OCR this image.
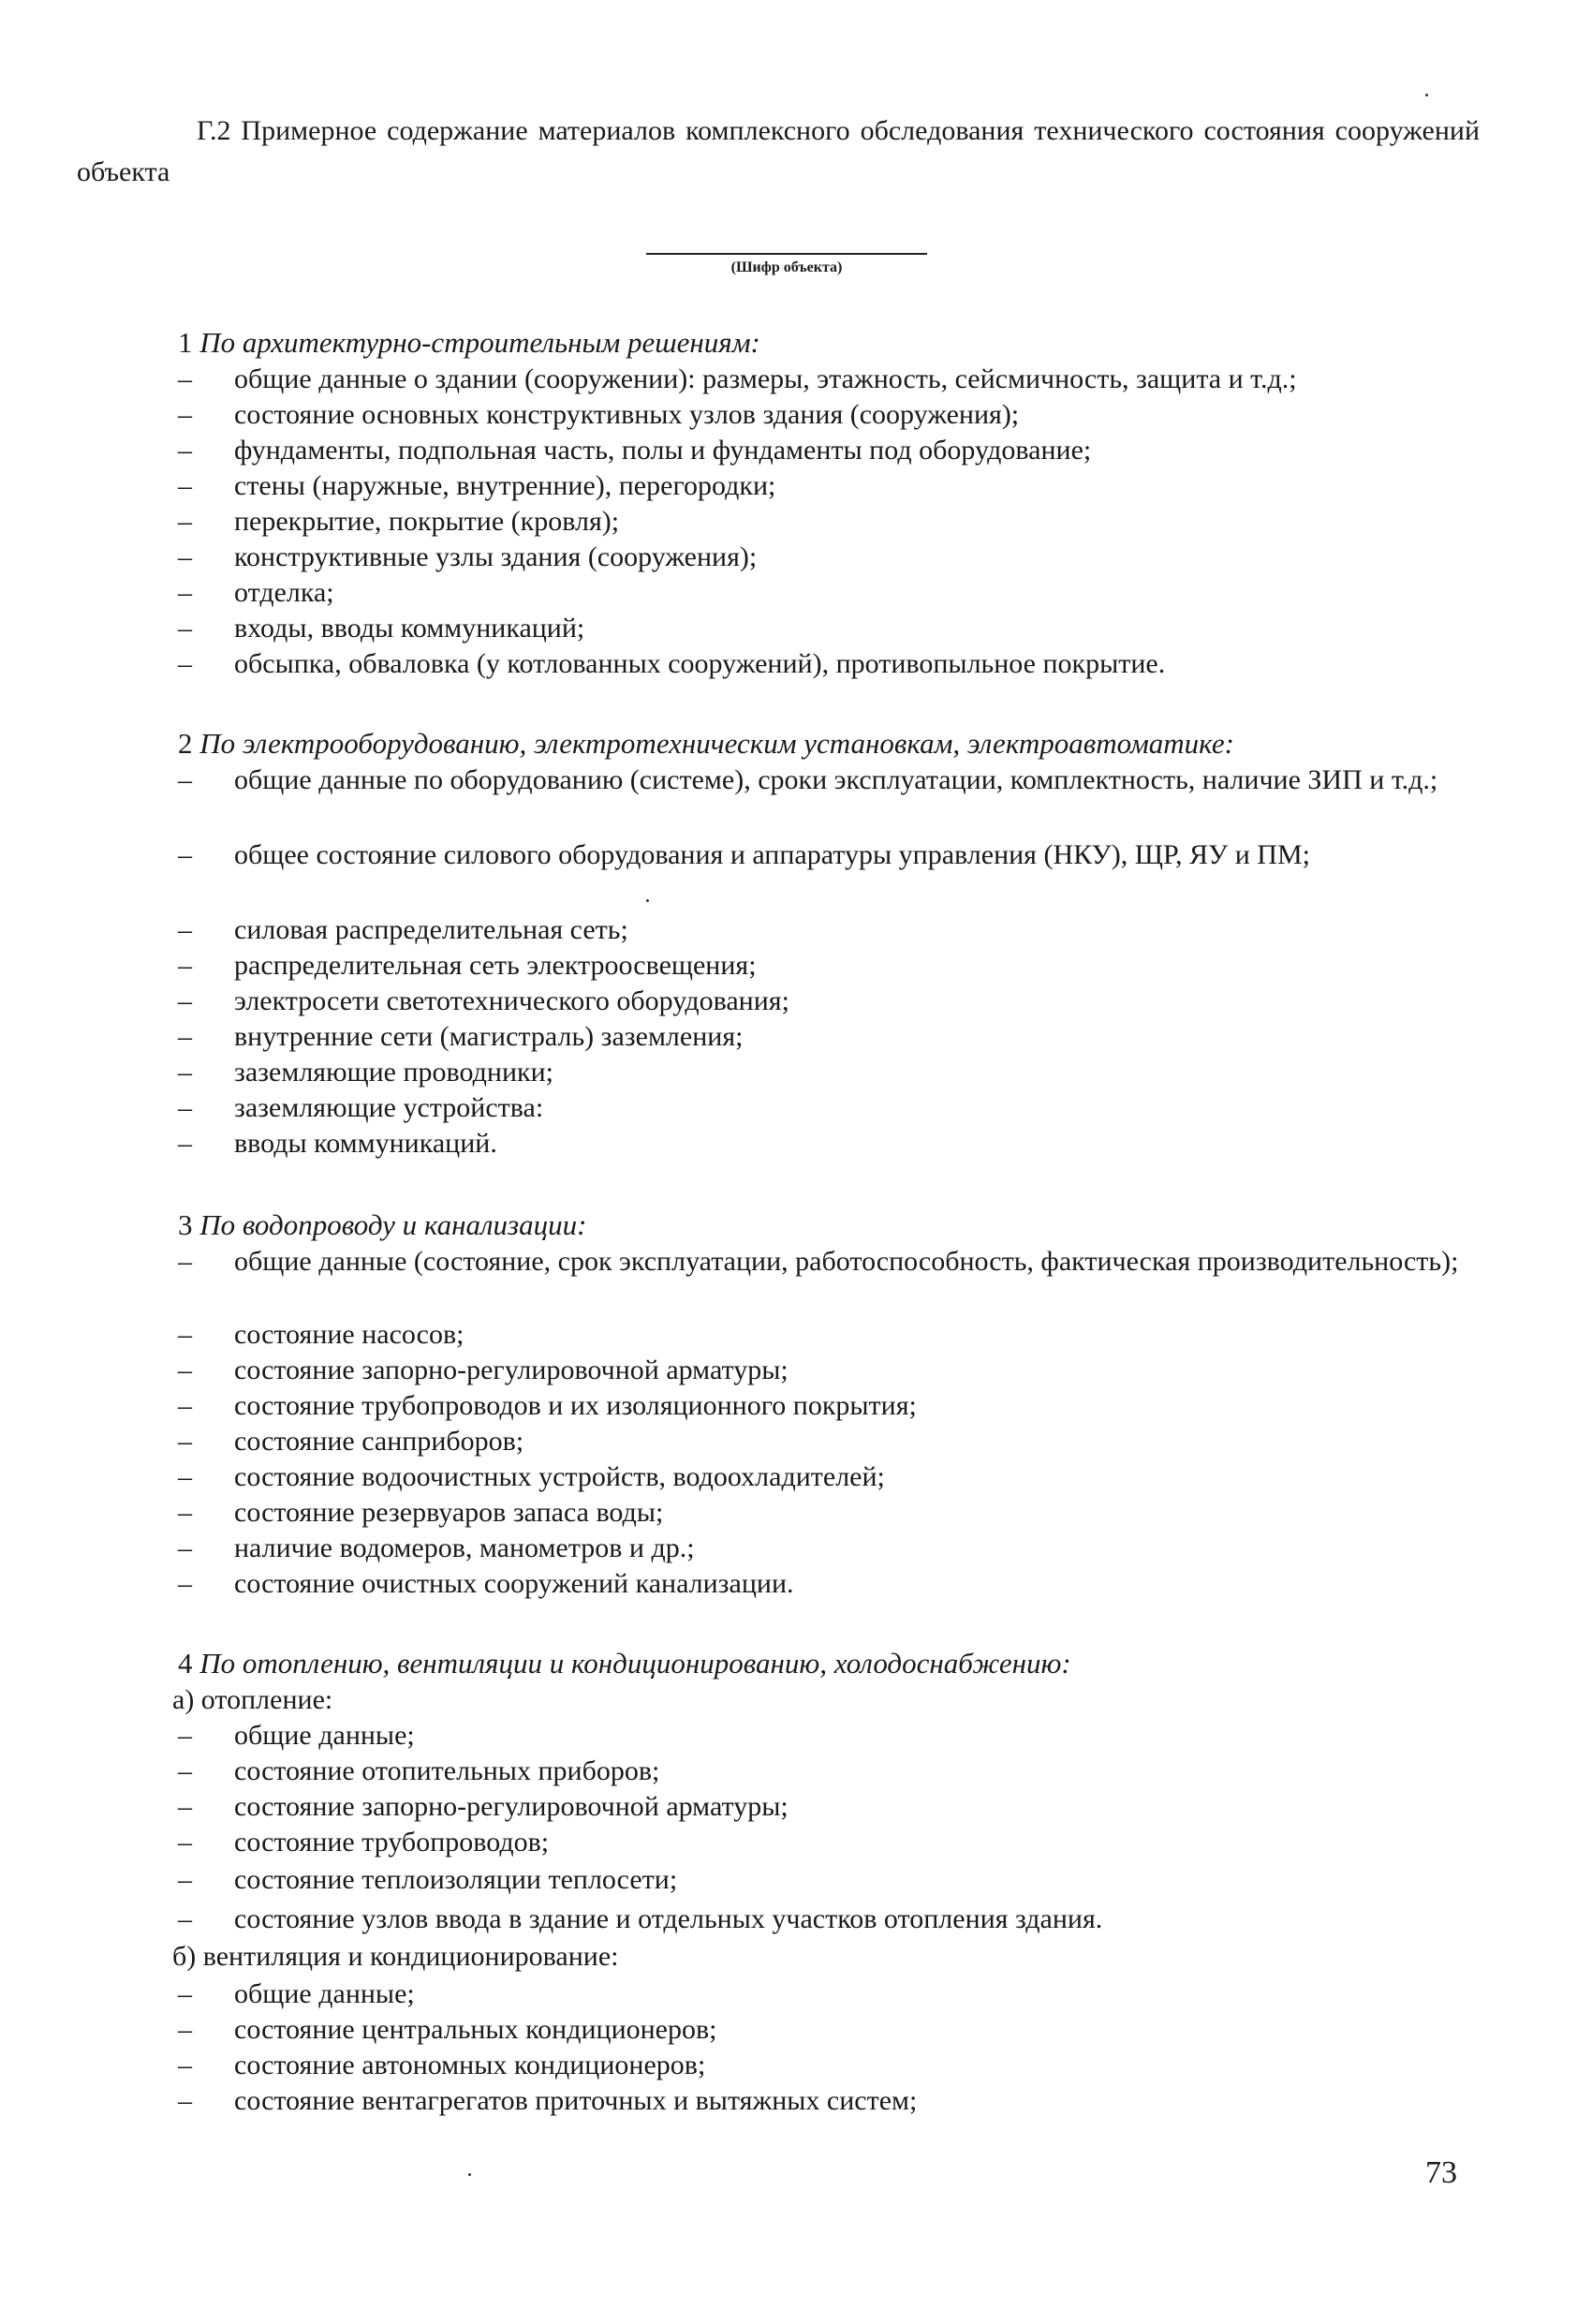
Г.2 Примерное содержание материалов комплексного обследования технического состояния сооружений объекта

(Шифр объекта)
1 По архитектурно-строительным решениям:
–	общие данные о здании (сооружении): размеры, этажность, сейсмичность, защита и т.д.;
–	состояние основных конструктивных узлов здания (сооружения);
–	фундаменты, подпольная часть, полы и фундаменты под оборудование;
–	стены (наружные, внутренние), перегородки;
–	перекрытие, покрытие (кровля);
–	конструктивные узлы здания (сооружения);
–	отделка;
–	входы, вводы коммуникаций;
–	обсыпка, обваловка (у котлованных сооружений), противопыльное покрытие.
2 По электрооборудованию, электротехническим установкам, электроавтоматике:
–	общие данные по оборудованию (системе), сроки эксплуатации, комплектность, наличие ЗИП и т.д.;
–	общее состояние силового оборудования и аппаратуры управления (НКУ), ЩР, ЯУ и ПМ;
–	силовая распределительная сеть;
–	распределительная сеть электроосвещения;
–	электросети светотехнического оборудования;
–	внутренние сети (магистраль) заземления;
–	заземляющие проводники;
–	заземляющие устройства:
–	вводы коммуникаций.
3 По водопроводу и канализации:
–	общие данные (состояние, срок эксплуатации, работоспособность, фактическая производительность);
–	состояние насосов;
–	состояние запорно-регулировочной арматуры;
–	состояние трубопроводов и их изоляционного покрытия;
–	состояние санприборов;
–	состояние водоочистных устройств, водоохладителей;
–	состояние резервуаров запаса воды;
–	наличие водомеров, манометров и др.;
–	состояние очистных сооружений канализации.
4 По отоплению, вентиляции и кондиционированию, холодоснабжению:
а) отопление:
–	общие данные;
–	состояние отопительных приборов;
–	состояние запорно-регулировочной арматуры;
–	состояние трубопроводов;
–	состояние теплоизоляции теплосети;
–	состояние узлов ввода в здание и отдельных участков отопления здания.
б) вентиляция и кондиционирование:
–	общие данные;
–	состояние центральных кондиционеров;
–	состояние автономных кондиционеров;
–	состояние вентагрегатов приточных и вытяжных систем;
73
